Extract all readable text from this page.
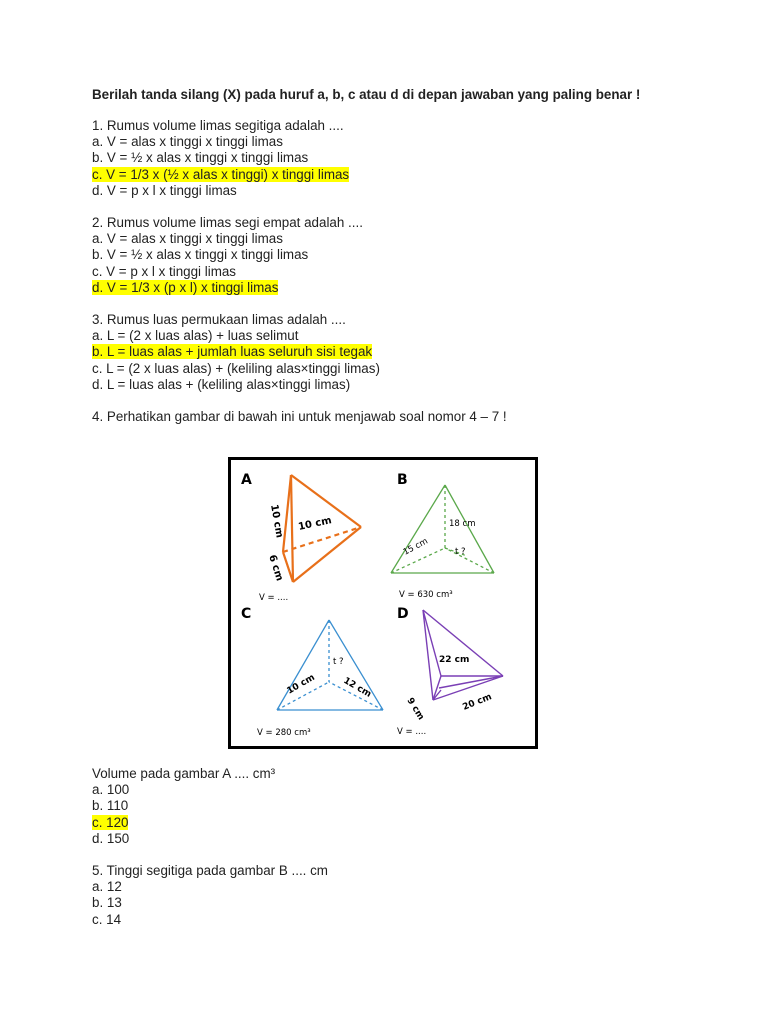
Berilah tanda silang (X) pada huruf a, b, c atau d di depan jawaban yang paling benar !
1. Rumus volume limas segitiga adalah ....
a. V = alas x tinggi x tinggi limas
b. V = ½ x alas x tinggi x tinggi limas
c. V = 1/3 x (½ x alas x tinggi) x tinggi limas
d. V = p x l x tinggi limas
2. Rumus volume limas segi empat adalah ....
a. V = alas x tinggi x tinggi limas
b. V = ½ x alas x tinggi x tinggi limas
c. V = p x l x tinggi limas
d. V = 1/3 x (p x l) x tinggi limas
3. Rumus luas permukaan limas adalah ....
a. L = (2 x luas alas) + luas selimut
b. L = luas alas + jumlah luas seluruh sisi tegak
c. L = (2 x luas alas) + (keliling alas×tinggi limas)
d. L = luas alas + (keliling alas×tinggi limas)
4. Perhatikan gambar di bawah ini untuk menjawab soal nomor 4 – 7 !
A
10 cm 10 cm
6 cm
V = ....
B
18 cm
15 cm	t ?
V = 630 cm³
C
t ?
10 cm	12 cm
V = 280 cm³
D
22 cm
9 cm	20 cm
V = ....
Volume pada gambar A .... cm³
a. 100
b. 110
c. 120
d. 150
5. Tinggi segitiga pada gambar B .... cm
a. 12
b. 13
c. 14
